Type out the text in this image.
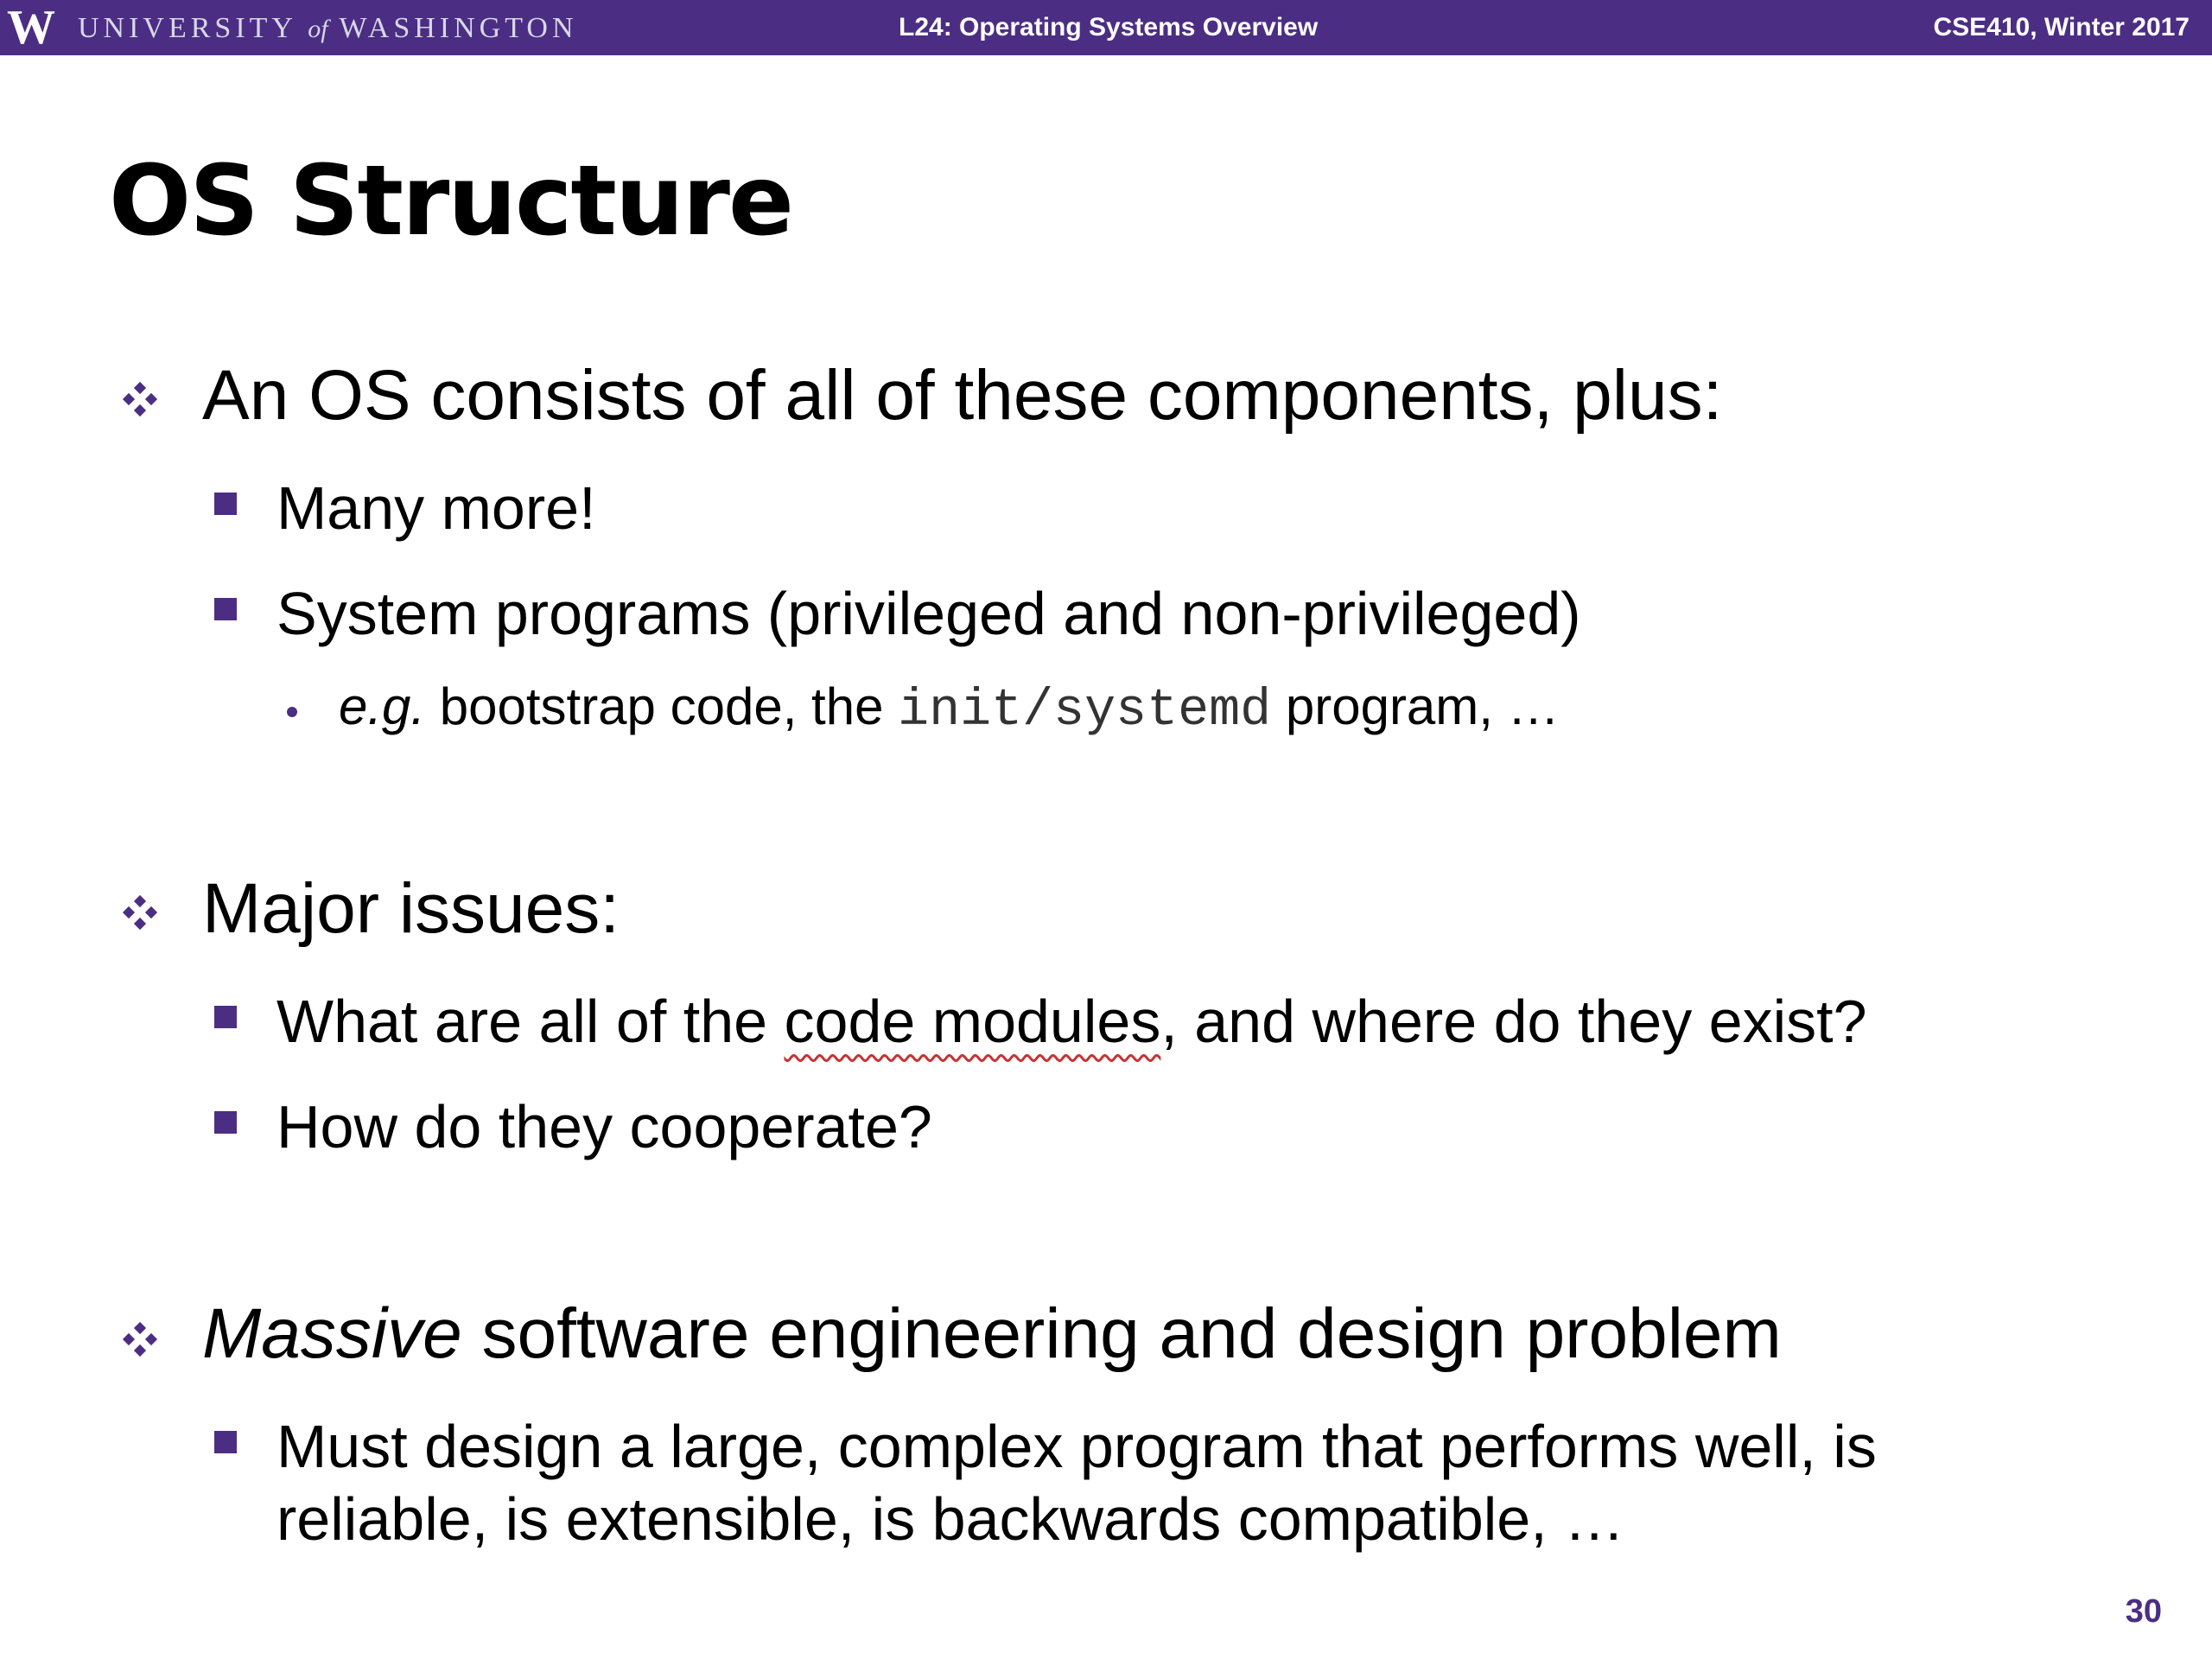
W UNIVERSITY of WASHINGTON	L24: Operating Systems Overview	CSE410, Winter 2017
OS Structure
An OS consists of all of these components, plus:
Many more!
System programs (privileged and non-privileged)
e.g. bootstrap code, the init/systemd program, …
Major issues:
What are all of the code modules, and where do they exist?
How do they cooperate?
Massive software engineering and design problem
Must design a large, complex program that performs well, is
reliable, is extensible, is backwards compatible, …
30
